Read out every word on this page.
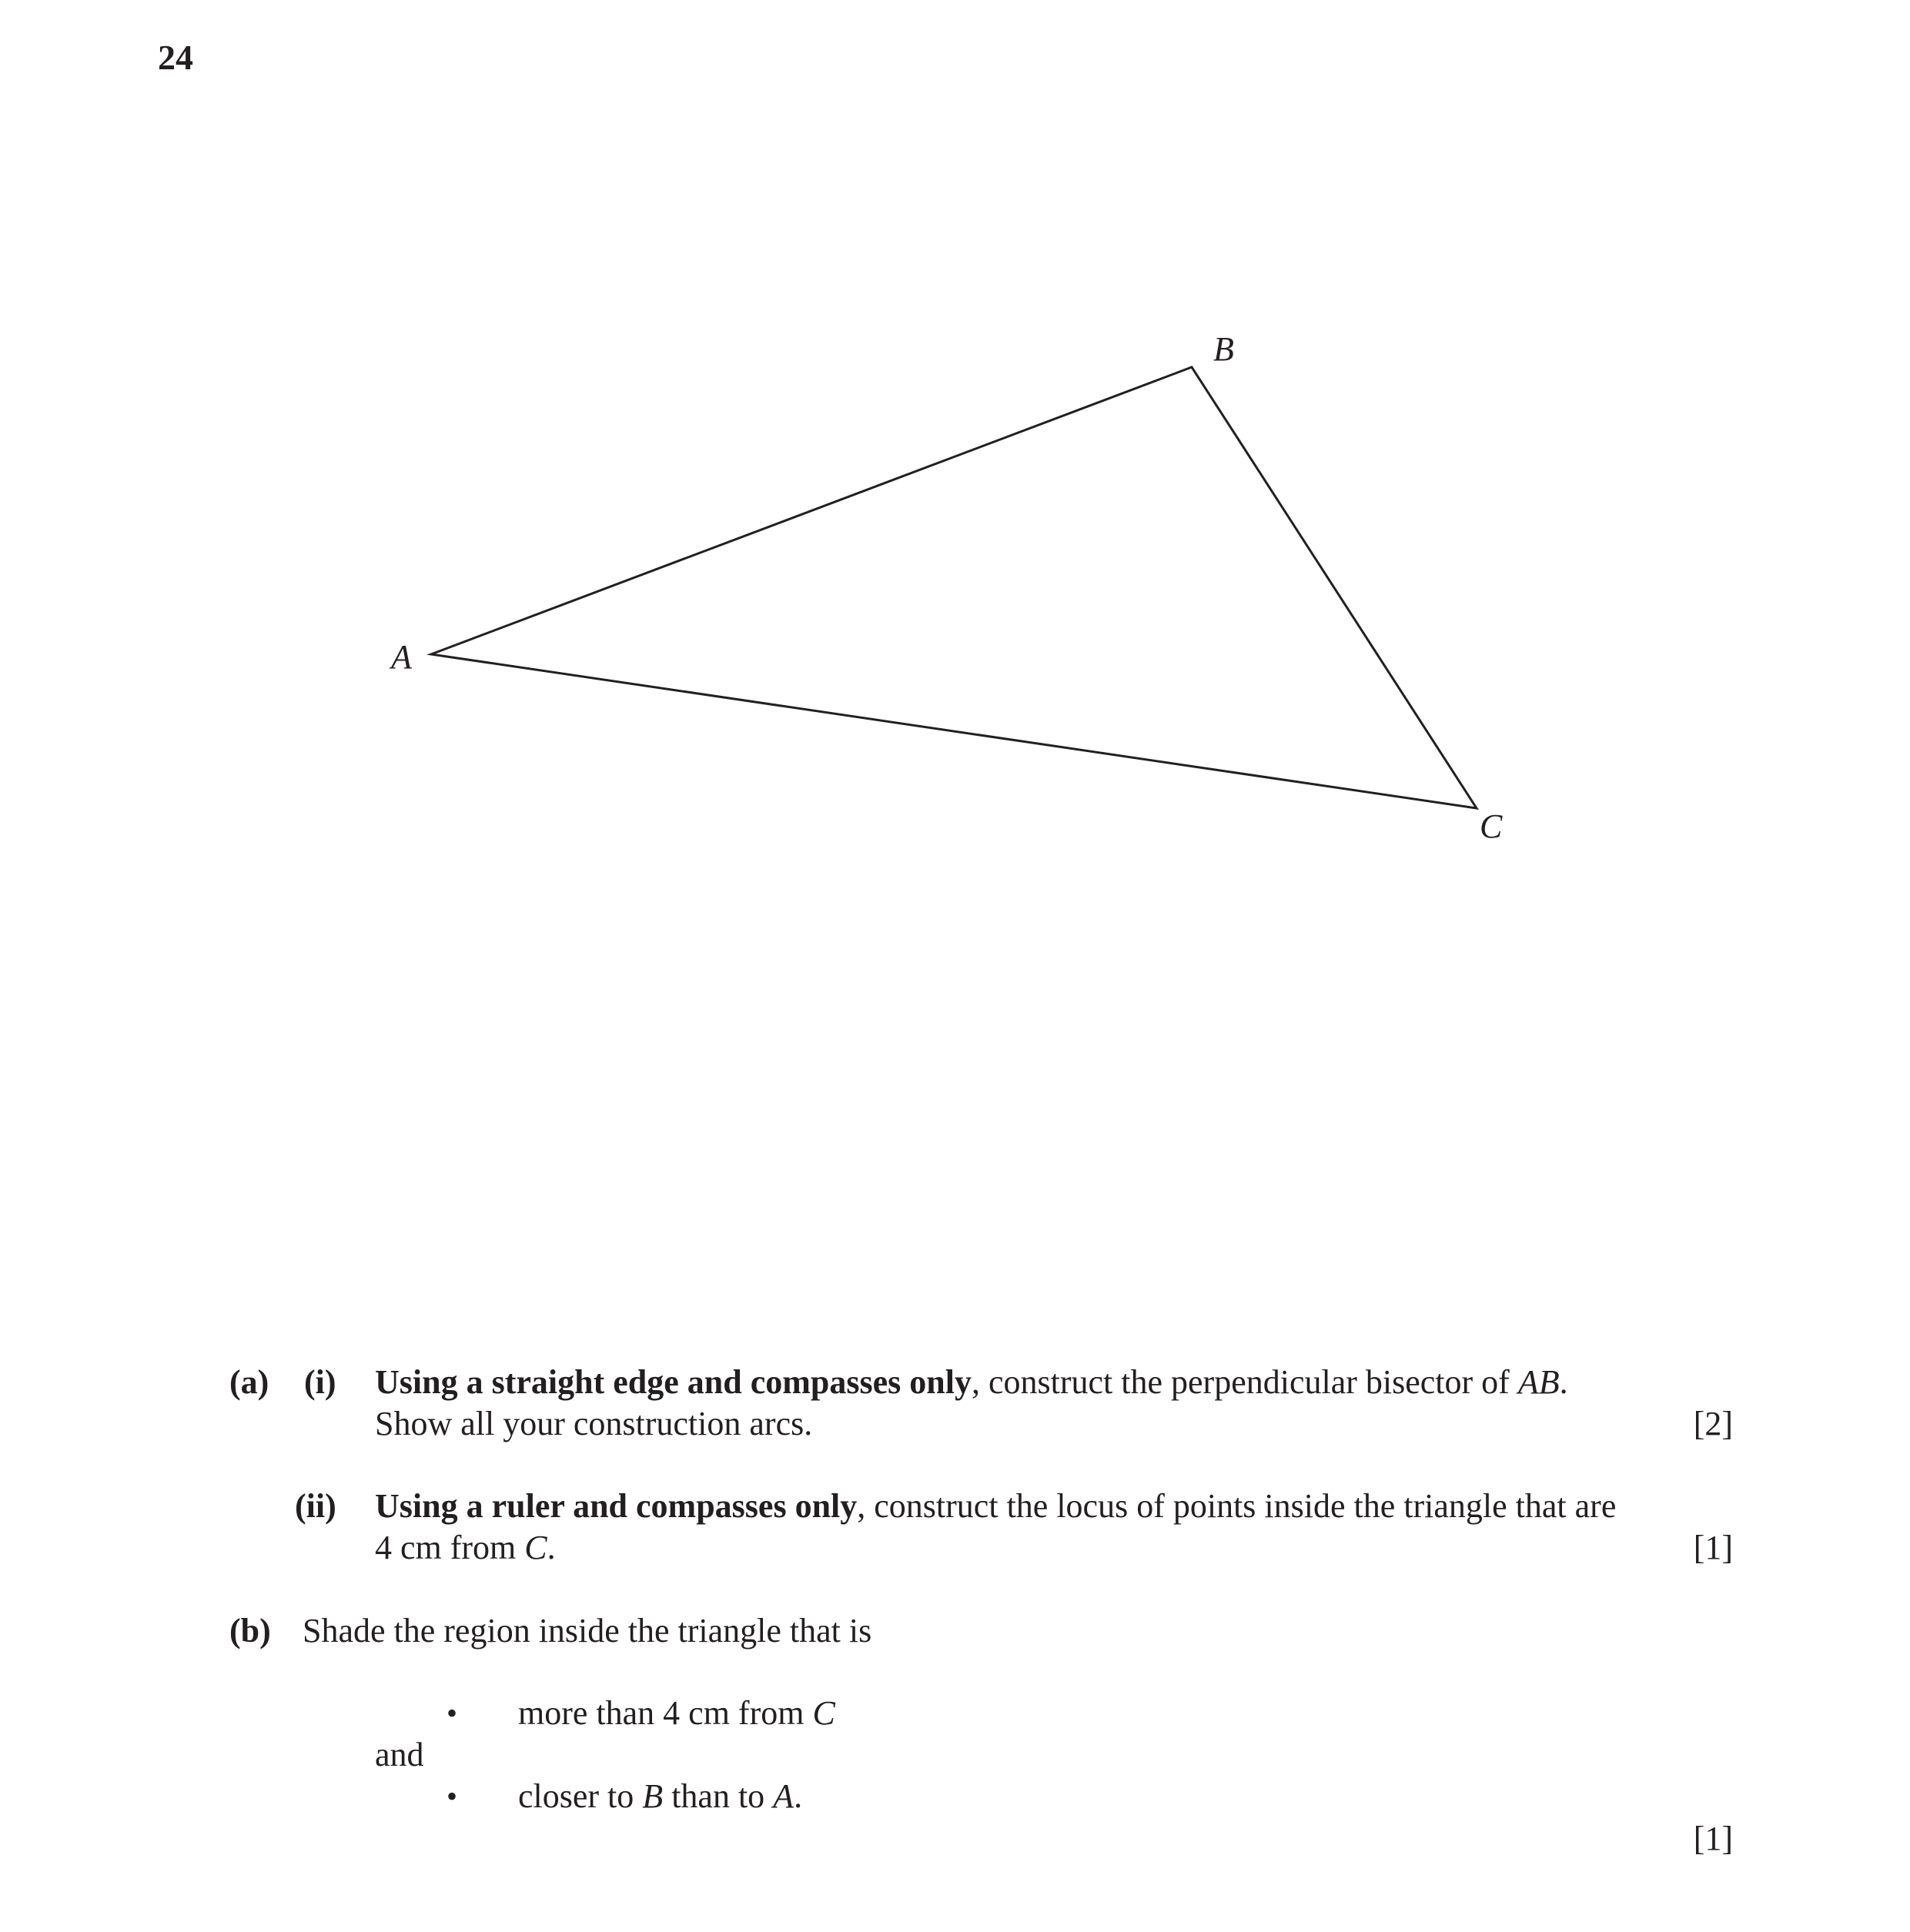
24
A
B
C
(a) (i) Using a straight edge and compasses only, construct the perpendicular bisector of AB.
Show all your construction arcs.	[2]
(ii) Using a ruler and compasses only, construct the locus of points inside the triangle that are
4 cm from C.	[1]
(b) Shade the region inside the triangle that is
• more than 4 cm from C
and
• closer to B than to A.
[1]
